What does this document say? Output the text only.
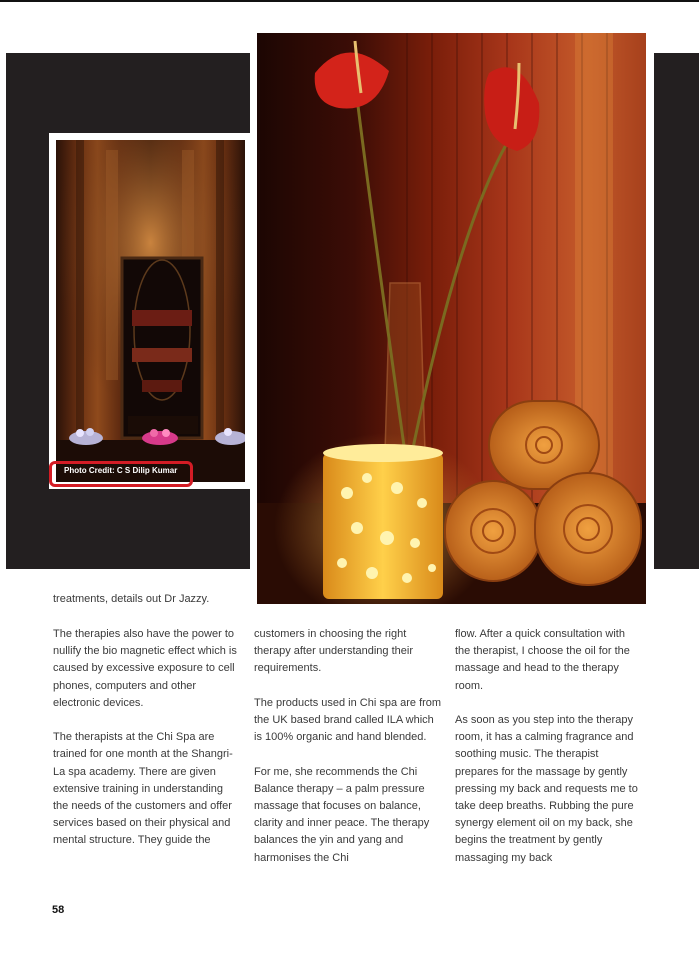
Photo Credit: C S Dilip Kumar
treatments, details out Dr Jazzy.

The therapies also have the power to nullify the bio magnetic effect which is caused by excessive exposure to cell phones, computers and other electronic devices.

The therapists at the Chi Spa are trained for one month at the Shangri-La spa academy. There are given extensive training in understanding the needs of the customers and offer services based on their physical and mental structure. They guide the

customers in choosing the right therapy after understanding their requirements.

The products used in Chi spa are from the UK based brand called ILA which is 100% organic and hand blended.

For me, she recommends the Chi Balance therapy – a palm pressure massage that focuses on balance, clarity and inner peace. The therapy balances the yin and yang and harmonises the Chi

flow. After a quick consultation with the therapist, I choose the oil for the massage and head to the therapy room.

As soon as you step into the therapy room, it has a calming fragrance and soothing music. The therapist prepares for the massage by gently pressing my back and requests me to take deep breaths. Rubbing the pure synergy element oil on my back, she begins the treatment by gently massaging my back

58
